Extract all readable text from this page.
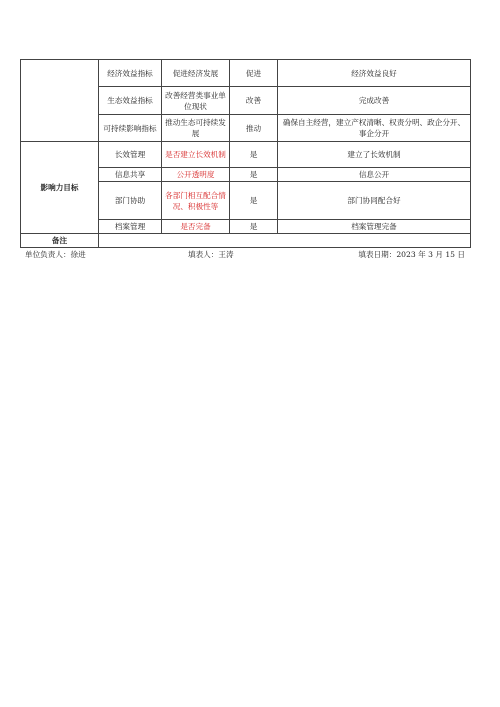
	经济效益指标	促进经济发展	促进	经济效益良好
	生态效益指标	改善经营类事业单位现状	改善	完成改善
	可持续影响指标	推动生态可持续发展	推动	确保自主经营，建立产权清晰、权责分明、政企分开、事企分开
影响力目标	长效管理	是否建立长效机制	是	建立了长效机制
	信息共享	公开透明度	是	信息公开
	部门协助	各部门相互配合情况、积极性等	是	部门协同配合好
	档案管理	是否完备	是	档案管理完备
备注				
单位负责人：徐进	填表人：王涛	填表日期：2023 年 3 月 15 日
